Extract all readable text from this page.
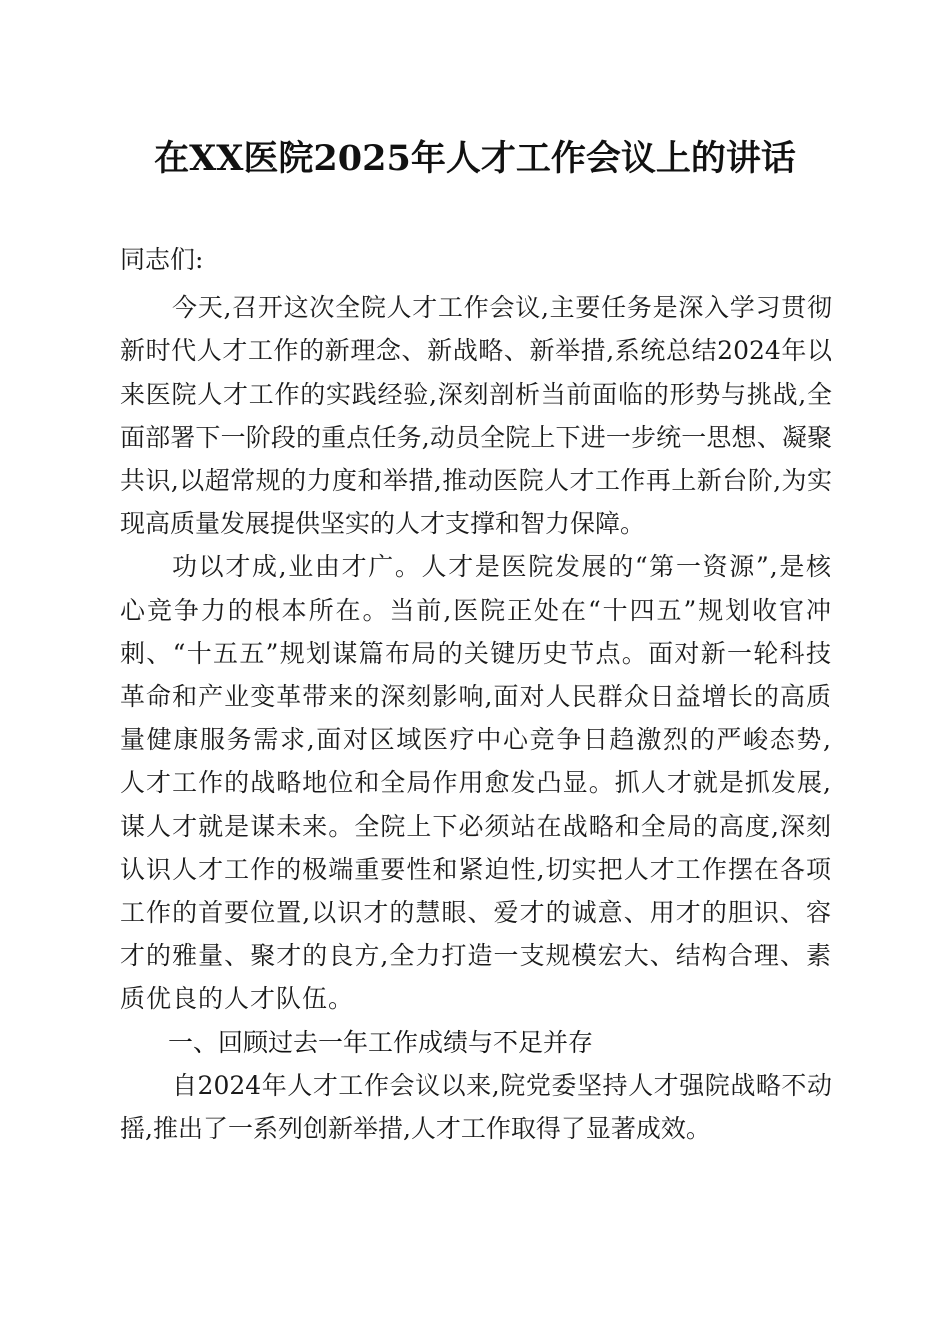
在XX医院2025年人才工作会议上的讲话

同志们:

今天,召开这次全院人才工作会议,主要任务是深入学习贯彻新时代人才工作的新理念、新战略、新举措,系统总结2024年以来医院人才工作的实践经验,深刻剖析当前面临的形势与挑战,全面部署下一阶段的重点任务,动员全院上下进一步统一思想、凝聚共识,以超常规的力度和举措,推动医院人才工作再上新台阶,为实现高质量发展提供坚实的人才支撑和智力保障。

功以才成,业由才广。人才是医院发展的“第一资源”,是核心竞争力的根本所在。当前,医院正处在“十四五”规划收官冲刺、“十五五”规划谋篇布局的关键历史节点。面对新一轮科技革命和产业变革带来的深刻影响,面对人民群众日益增长的高质量健康服务需求,面对区域医疗中心竞争日趋激烈的严峻态势,人才工作的战略地位和全局作用愈发凸显。抓人才就是抓发展,谋人才就是谋未来。全院上下必须站在战略和全局的高度,深刻认识人才工作的极端重要性和紧迫性,切实把人才工作摆在各项工作的首要位置,以识才的慧眼、爱才的诚意、用才的胆识、容才的雅量、聚才的良方,全力打造一支规模宏大、结构合理、素质优良的人才队伍。

一、回顾过去一年工作成绩与不足并存

自2024年人才工作会议以来,院党委坚持人才强院战略不动摇,推出了一系列创新举措,人才工作取得了显著成效。
